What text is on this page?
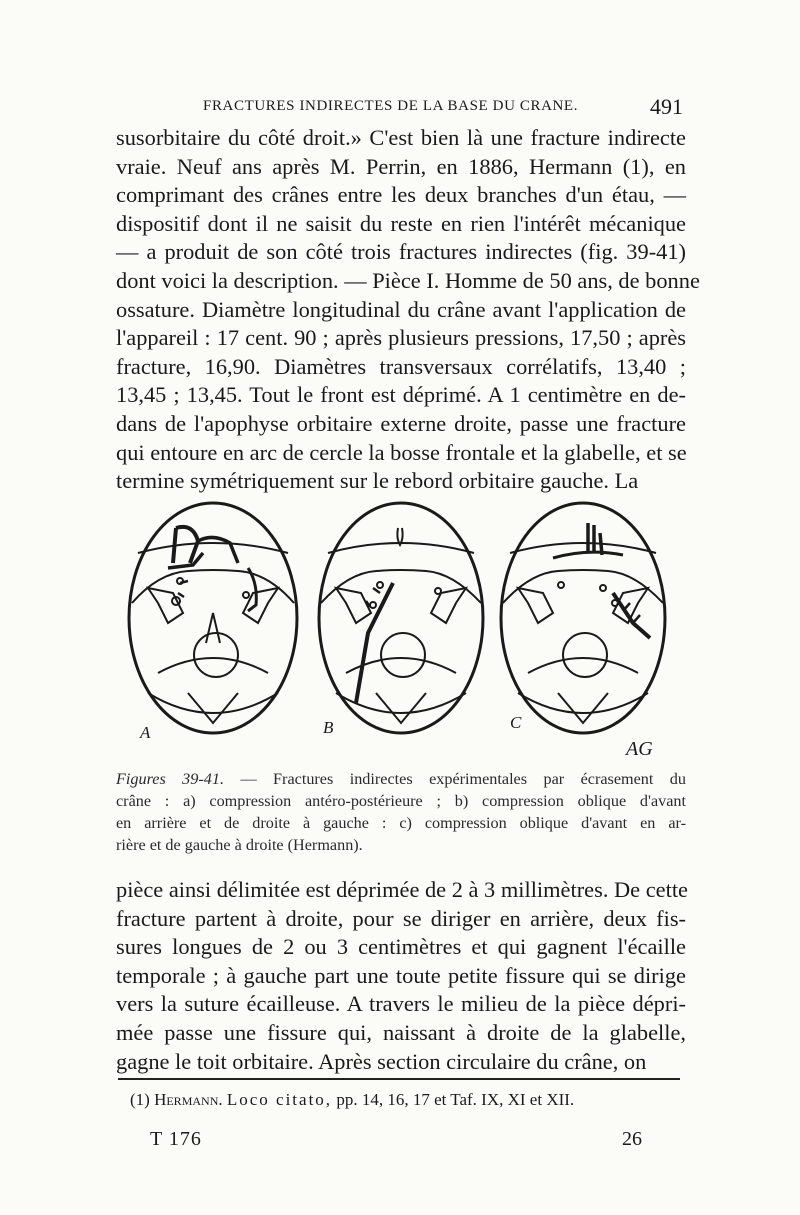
FRACTURES INDIRECTES DE LA BASE DU CRANE.	491
susorbitaire du côté droit.» C'est bien là une fracture indirecte
vraie. Neuf ans après M. Perrin, en 1886, Hermann (1), en
comprimant des crânes entre les deux branches d'un étau, —
dispositif dont il ne saisit du reste en rien l'intérêt mécanique
— a produit de son côté trois fractures indirectes (fig. 39-41)
dont voici la description. — Pièce I. Homme de 50 ans, de bonne
ossature. Diamètre longitudinal du crâne avant l'application de
l'appareil : 17 cent. 90 ; après plusieurs pressions, 17,50 ; après
fracture, 16,90. Diamètres transversaux corrélatifs, 13,40 ;
13,45 ; 13,45. Tout le front est déprimé. A 1 centimètre en de-
dans de l'apophyse orbitaire externe droite, passe une fracture
qui entoure en arc de cercle la bosse frontale et la glabelle, et se
termine symétriquement sur le rebord orbitaire gauche. La
A	B	C
AG
Figures 39-41. — Fractures indirectes expérimentales par écrasement du
crâne : a) compression antéro-postérieure ; b) compression oblique d'avant
en arrière et de droite à gauche : c) compression oblique d'avant en ar-
rière et de gauche à droite (Hermann).
pièce ainsi délimitée est déprimée de 2 à 3 millimètres. De cette
fracture partent à droite, pour se diriger en arrière, deux fis-
sures longues de 2 ou 3 centimètres et qui gagnent l'écaille
temporale ; à gauche part une toute petite fissure qui se dirige
vers la suture écailleuse. A travers le milieu de la pièce dépri-
mée passe une fissure qui, naissant à droite de la glabelle,
gagne le toit orbitaire. Après section circulaire du crâne, on
(1) Hermann. Loco citato, pp. 14, 16, 17 et Taf. IX, XI et XII.
T 176	26
